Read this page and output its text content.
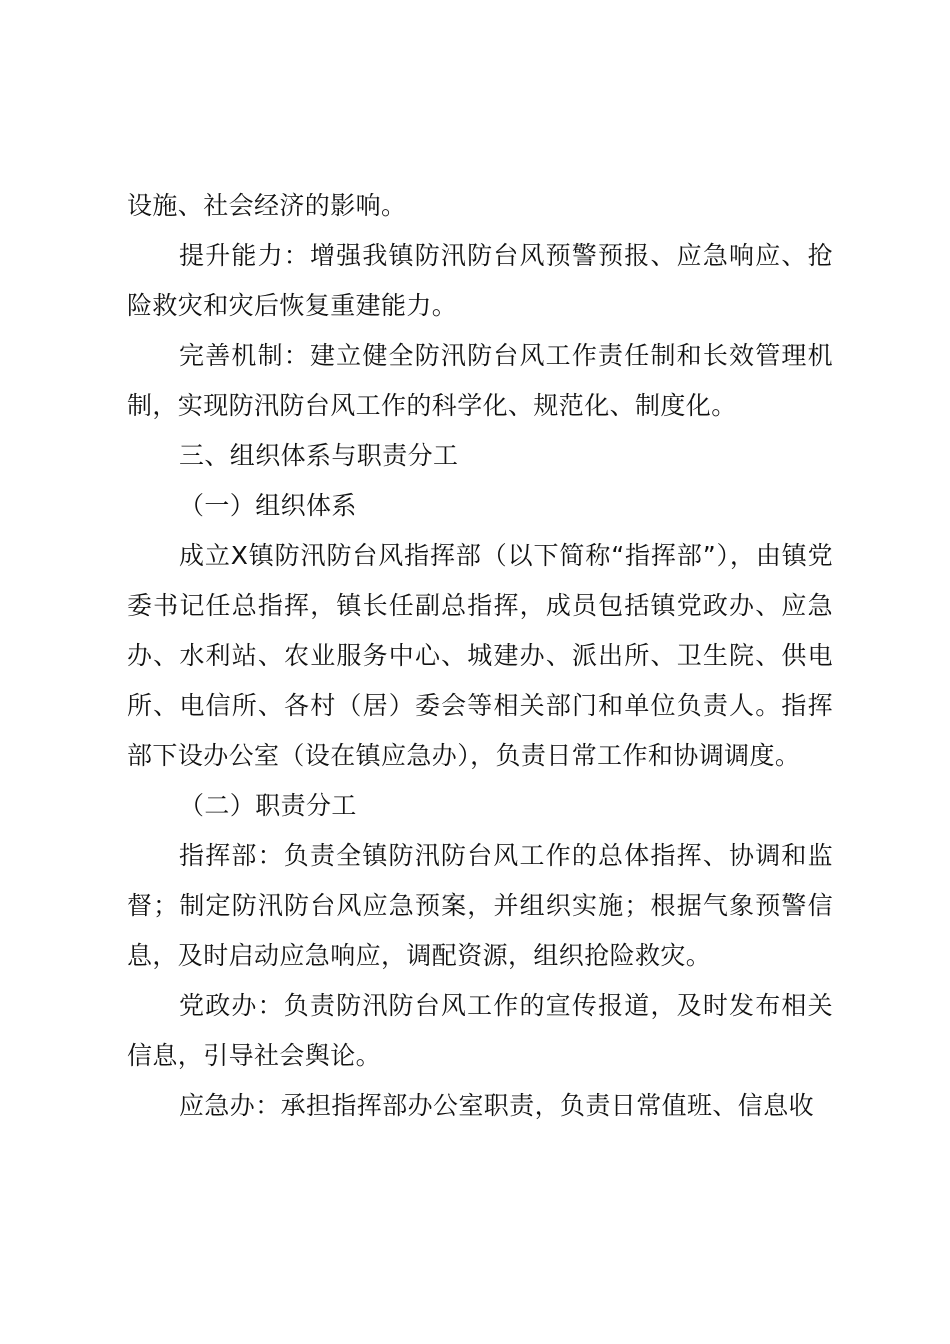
设施、社会经济的影响。

提升能力：增强我镇防汛防台风预警预报、应急响应、抢险救灾和灾后恢复重建能力。

完善机制：建立健全防汛防台风工作责任制和长效管理机制，实现防汛防台风工作的科学化、规范化、制度化。

三、组织体系与职责分工

（一）组织体系

成立X镇防汛防台风指挥部（以下简称“指挥部”），由镇党委书记任总指挥，镇长任副总指挥，成员包括镇党政办、应急办、水利站、农业服务中心、城建办、派出所、卫生院、供电所、电信所、各村（居）委会等相关部门和单位负责人。指挥部下设办公室（设在镇应急办），负责日常工作和协调调度。

（二）职责分工

指挥部：负责全镇防汛防台风工作的总体指挥、协调和监督；制定防汛防台风应急预案，并组织实施；根据气象预警信息，及时启动应急响应，调配资源，组织抢险救灾。

党政办：负责防汛防台风工作的宣传报道，及时发布相关信息，引导社会舆论。

应急办：承担指挥部办公室职责，负责日常值班、信息收
